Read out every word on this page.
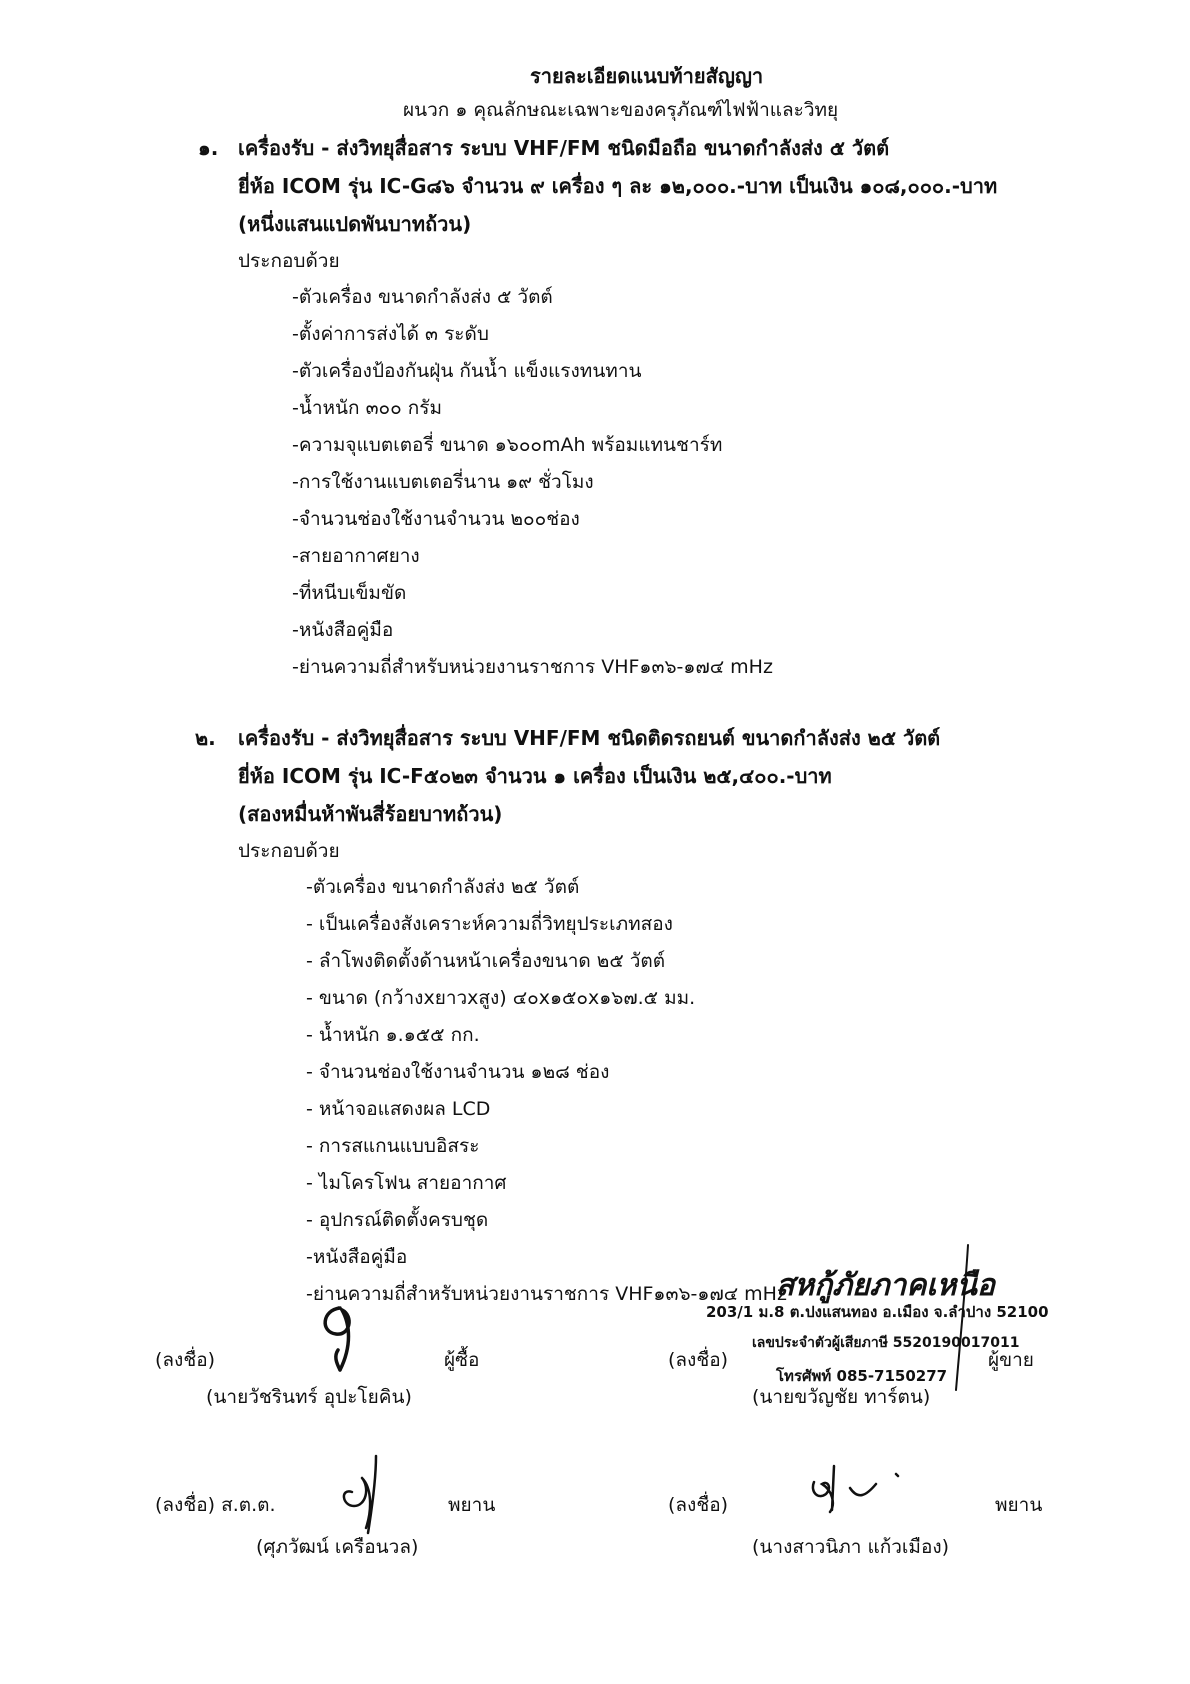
รายละเอียดแนบท้ายสัญญา
ผนวก ๑ คุณลักษณะเฉพาะของครุภัณฑ์ไฟฟ้าและวิทยุ
๑. เครื่องรับ - ส่งวิทยุสื่อสาร ระบบ VHF/FM ชนิดมือถือ ขนาดกำลังส่ง ๕ วัตต์
ยี่ห้อ ICOM รุ่น IC-G๘๖ จำนวน ๙ เครื่อง ๆ ละ ๑๒,๐๐๐.-บาท เป็นเงิน ๑๐๘,๐๐๐.-บาท
(หนึ่งแสนแปดพันบาทถ้วน)
ประกอบด้วย
-ตัวเครื่อง ขนาดกำลังส่ง ๕ วัตต์
-ตั้งค่าการส่งได้ ๓ ระดับ
-ตัวเครื่องป้องกันฝุ่น กันน้ำ แข็งแรงทนทาน
-น้ำหนัก ๓๐๐ กรัม
-ความจุแบตเตอรี่ ขนาด ๑๖๐๐mAh พร้อมแทนชาร์ท
-การใช้งานแบตเตอรี่นาน ๑๙ ชั่วโมง
-จำนวนช่องใช้งานจำนวน ๒๐๐ช่อง
-สายอากาศยาง
-ที่หนีบเข็มขัด
-หนังสือคู่มือ
-ย่านความถี่สำหรับหน่วยงานราชการ VHF๑๓๖-๑๗๔ mHz
๒. เครื่องรับ - ส่งวิทยุสื่อสาร ระบบ VHF/FM ชนิดติดรถยนต์ ขนาดกำลังส่ง ๒๕ วัตต์
ยี่ห้อ ICOM รุ่น IC-F๕๐๒๓ จำนวน ๑ เครื่อง เป็นเงิน ๒๕,๔๐๐.-บาท
(สองหมื่นห้าพันสี่ร้อยบาทถ้วน)
ประกอบด้วย
-ตัวเครื่อง ขนาดกำลังส่ง ๒๕ วัตต์
- เป็นเครื่องสังเคราะห์ความถี่วิทยุประเภทสอง
- ลำโพงติดตั้งด้านหน้าเครื่องขนาด ๒๕ วัตต์
- ขนาด (กว้างxยาวxสูง) ๔๐x๑๕๐x๑๖๗.๕ มม.
- น้ำหนัก ๑.๑๕๕ กก.
- จำนวนช่องใช้งานจำนวน ๑๒๘ ช่อง
- หน้าจอแสดงผล LCD
- การสแกนแบบอิสระ
- ไมโครโฟน สายอากาศ
- อุปกรณ์ติดตั้งครบชุด
-หนังสือคู่มือ
-ย่านความถี่สำหรับหน่วยงานราชการ VHF๑๓๖-๑๗๔ mHz
สหกู้ภัยภาคเหนือ
203/1 ม.8 ต.ปงแสนทอง อ.เมือง จ.ลำปาง 52100
เลขประจำตัวผู้เสียภาษี 5520190017011
โทรศัพท์ 085-7150277
(ลงชื่อ)	ผู้ซื้อ
(นายวัชรินทร์ อุปะโยคิน)
(ลงชื่อ)	ผู้ขาย
(นายขวัญชัย ทาร์ตน)
(ลงชื่อ) ส.ต.ต.	พยาน
(ศุภวัฒน์ เครือนวล)
(ลงชื่อ)	พยาน
(นางสาวนิภา แก้วเมือง)
